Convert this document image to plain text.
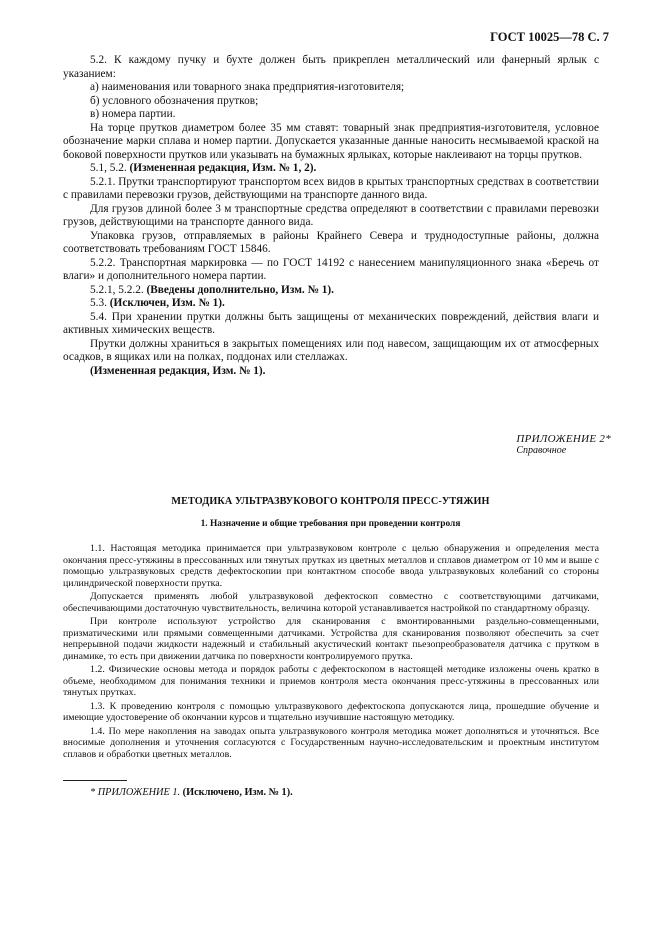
ГОСТ 10025—78 С. 7

5.2. К каждому пучку и бухте должен быть прикреплен металлический или фанерный ярлык с указанием:

а) наименования или товарного знака предприятия-изготовителя;

б) условного обозначения прутков;

в) номера партии.

На торце прутков диаметром более 35 мм ставят: товарный знак предприятия-изготовителя, условное обозначение марки сплава и номер партии. Допускается указанные данные наносить несмываемой краской на боковой поверхности прутков или указывать на бумажных ярлыках, которые наклеивают на торцы прутков.

5.1, 5.2. (Измененная редакция, Изм. № 1, 2).

5.2.1. Прутки транспортируют транспортом всех видов в крытых транспортных средствах в соответствии с правилами перевозки грузов, действующими на транспорте данного вида.

Для грузов длиной более 3 м транспортные средства определяют в соответствии с правилами перевозки грузов, действующими на транспорте данного вида.

Упаковка грузов, отправляемых в районы Крайнего Севера и труднодоступные районы, должна соответствовать требованиям ГОСТ 15846.

5.2.2. Транспортная маркировка — по ГОСТ 14192 с нанесением манипуляционного знака «Беречь от влаги» и дополнительного номера партии.

5.2.1, 5.2.2. (Введены дополнительно, Изм. № 1).

5.3. (Исключен, Изм. № 1).

5.4. При хранении прутки должны быть защищены от механических повреждений, действия влаги и активных химических веществ.

Прутки должны храниться в закрытых помещениях или под навесом, защищающим их от атмосферных осадков, в ящиках или на полках, поддонах или стеллажах.

(Измененная редакция, Изм. № 1).

ПРИЛОЖЕНИЕ 2*
Справочное
МЕТОДИКА УЛЬТРАЗВУКОВОГО КОНТРОЛЯ ПРЕСС-УТЯЖИН
1. Назначение и общие требования при проведении контроля

1.1. Настоящая методика принимается при ультразвуковом контроле с целью обнаружения и определения места окончания пресс-утяжины в прессованных или тянутых прутках из цветных металлов и сплавов диаметром от 10 мм и выше с помощью ультразвуковых средств дефектоскопии при контактном способе ввода ультразвуковых колебаний со стороны цилиндрической поверхности прутка.

Допускается применять любой ультразвуковой дефектоскоп совместно с соответствующими датчиками, обеспечивающими достаточную чувствительность, величина которой устанавливается настройкой по стандартному образцу.

При контроле используют устройство для сканирования с вмонтированными раздельно-совмещенными, призматическими или прямыми совмещенными датчиками. Устройства для сканирования позволяют обеспечить за счет непрерывной подачи жидкости надежный и стабильный акустический контакт пьезопреобразователя датчика с прутком в динамике, то есть при движении датчика по поверхности контролируемого прутка.

1.2. Физические основы метода и порядок работы с дефектоскопом в настоящей методике изложены очень кратко в объеме, необходимом для понимания техники и приемов контроля места окончания пресс-утяжины в прессованных или тянутых прутках.

1.3. К проведению контроля с помощью ультразвукового дефектоскопа допускаются лица, прошедшие обучение и имеющие удостоверение об окончании курсов и тщательно изучившие настоящую методику.

1.4. По мере накопления на заводах опыта ультразвукового контроля методика может дополняться и уточняться. Все вносимые дополнения и уточнения согласуются с Государственным научно-исследовательским и проектным институтом сплавов и обработки цветных металлов.

* ПРИЛОЖЕНИЕ 1. (Исключено, Изм. № 1).
